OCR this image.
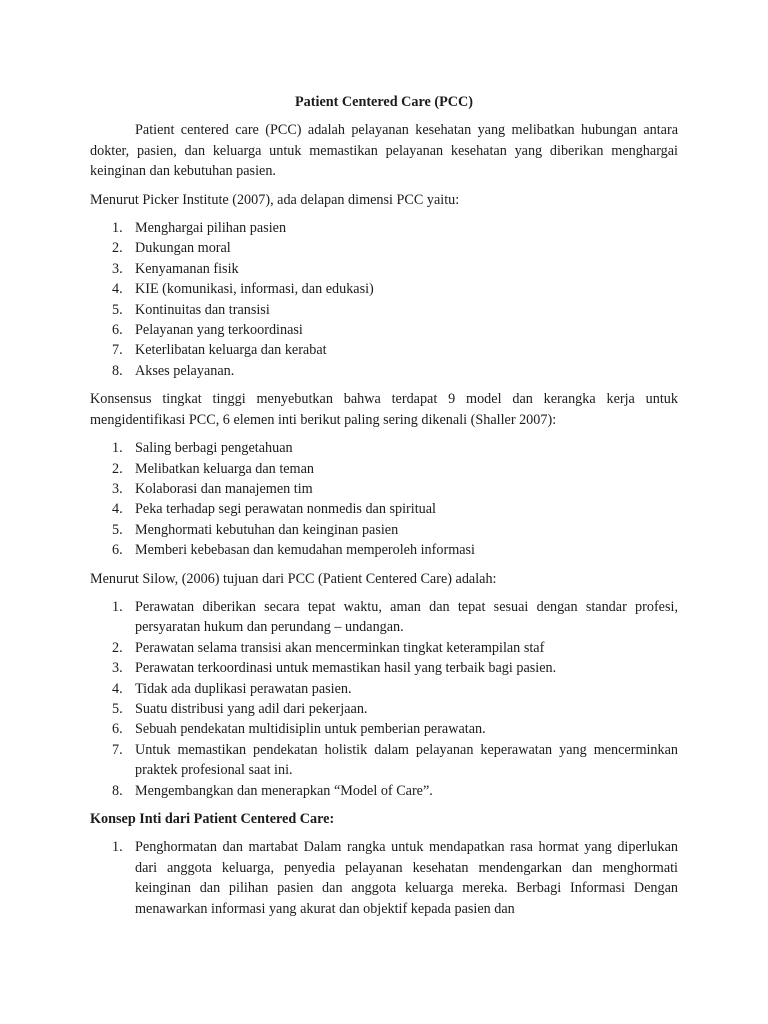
Patient Centered Care (PCC)

Patient centered care (PCC) adalah pelayanan kesehatan yang melibatkan hubungan antara dokter, pasien, dan keluarga untuk memastikan pelayanan kesehatan yang diberikan menghargai keinginan dan kebutuhan pasien.

Menurut Picker Institute (2007), ada delapan dimensi PCC yaitu:

1. Menghargai pilihan pasien
2. Dukungan moral
3. Kenyamanan fisik
4. KIE (komunikasi, informasi, dan edukasi)
5. Kontinuitas dan transisi
6. Pelayanan yang terkoordinasi
7. Keterlibatan keluarga dan kerabat
8. Akses pelayanan.

Konsensus tingkat tinggi menyebutkan bahwa terdapat 9 model dan kerangka kerja untuk mengidentifikasi PCC, 6 elemen inti berikut paling sering dikenali (Shaller 2007):

1. Saling berbagi pengetahuan
2. Melibatkan keluarga dan teman
3. Kolaborasi dan manajemen tim
4. Peka terhadap segi perawatan nonmedis dan spiritual
5. Menghormati kebutuhan dan keinginan pasien
6. Memberi kebebasan dan kemudahan memperoleh informasi

Menurut Silow, (2006) tujuan dari PCC (Patient Centered Care) adalah:

1. Perawatan diberikan secara tepat waktu, aman dan tepat sesuai dengan standar profesi, persyaratan hukum dan perundang – undangan.
2. Perawatan selama transisi akan mencerminkan tingkat keterampilan staf
3. Perawatan terkoordinasi untuk memastikan hasil yang terbaik bagi pasien.
4. Tidak ada duplikasi perawatan pasien.
5. Suatu distribusi yang adil dari pekerjaan.
6. Sebuah pendekatan multidisiplin untuk pemberian perawatan.
7. Untuk memastikan pendekatan holistik dalam pelayanan keperawatan yang mencerminkan praktek profesional saat ini.
8. Mengembangkan dan menerapkan “Model of Care”.

Konsep Inti dari Patient Centered Care:

1. Penghormatan dan martabat Dalam rangka untuk mendapatkan rasa hormat yang diperlukan dari anggota keluarga, penyedia pelayanan kesehatan mendengarkan dan menghormati keinginan dan pilihan pasien dan anggota keluarga mereka. Berbagi Informasi Dengan menawarkan informasi yang akurat dan objektif kepada pasien dan
